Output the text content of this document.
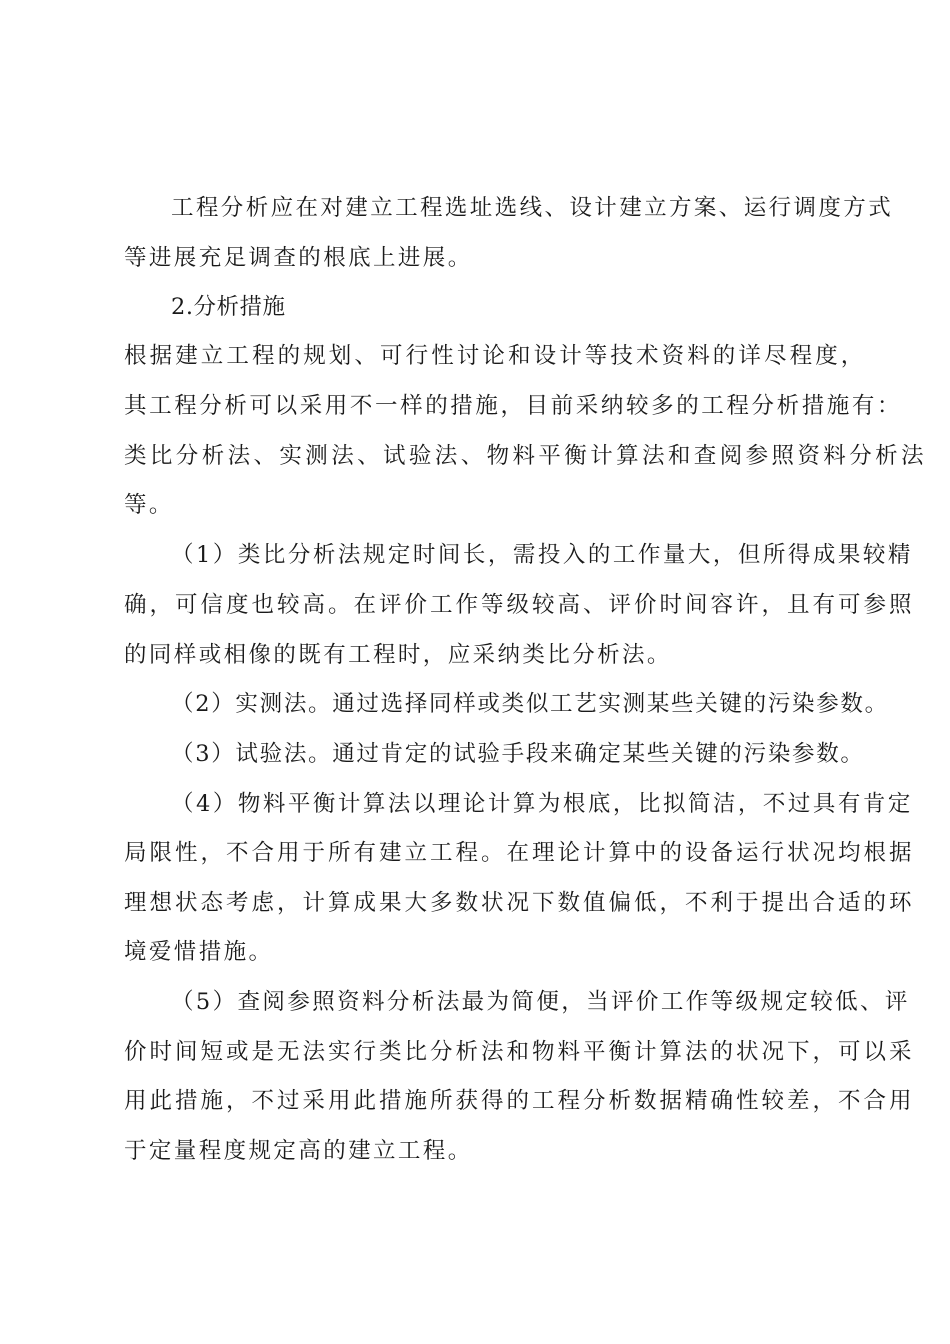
工程分析应在对建立工程选址选线、设计建立方案、运行调度方式

等进展充足调查的根底上进展。

2.分析措施

根据建立工程的规划、可行性讨论和设计等技术资料的详尽程度，

其工程分析可以采用不一样的措施，目前采纳较多的工程分析措施有：

类比分析法、实测法、试验法、物料平衡计算法和查阅参照资料分析法

等。

（1）类比分析法规定时间长，需投入的工作量大，但所得成果较精

确，可信度也较高。在评价工作等级较高、评价时间容许，且有可参照

的同样或相像的既有工程时，应采纳类比分析法。

（2）实测法。通过选择同样或类似工艺实测某些关键的污染参数。

（3）试验法。通过肯定的试验手段来确定某些关键的污染参数。

（4）物料平衡计算法以理论计算为根底，比拟简洁，不过具有肯定

局限性，不合用于所有建立工程。在理论计算中的设备运行状况均根据

理想状态考虑，计算成果大多数状况下数值偏低，不利于提出合适的环

境爱惜措施。

（5）查阅参照资料分析法最为简便，当评价工作等级规定较低、评

价时间短或是无法实行类比分析法和物料平衡计算法的状况下，可以采

用此措施，不过采用此措施所获得的工程分析数据精确性较差，不合用

于定量程度规定高的建立工程。
